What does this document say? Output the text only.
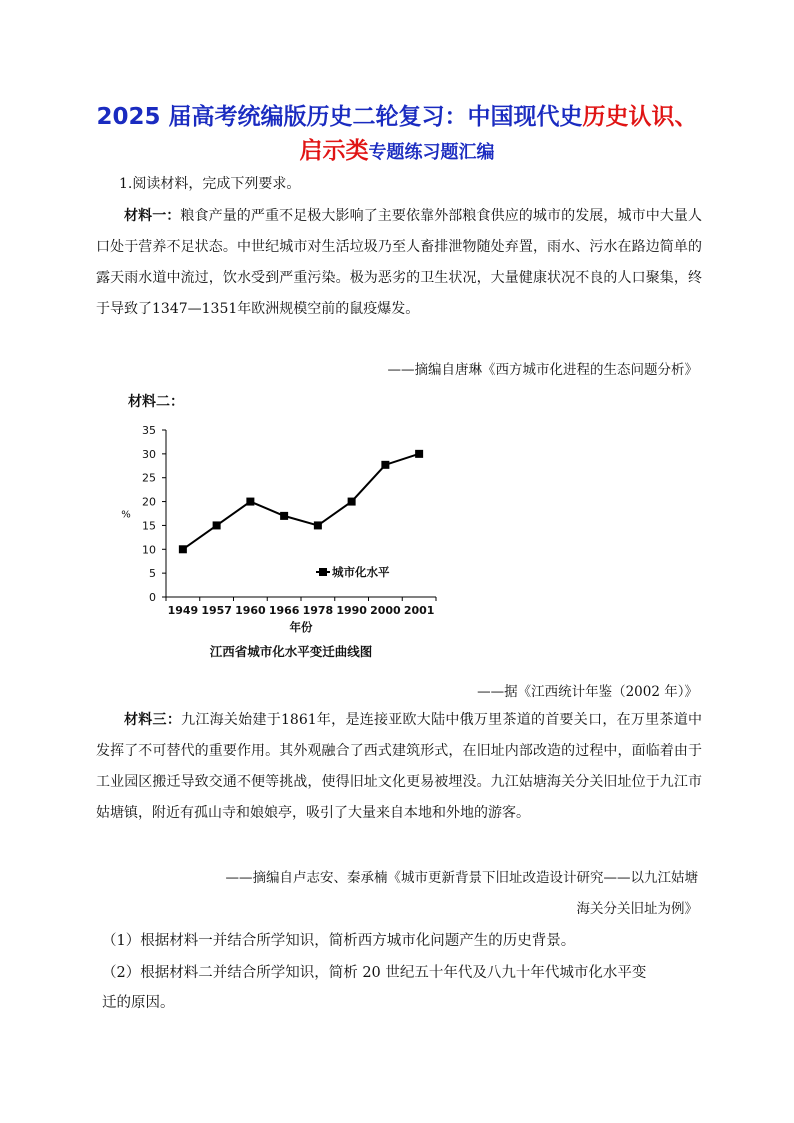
2025 届高考统编版历史二轮复习：中国现代史历史认识、启示类专题练习题汇编
1.阅读材料，完成下列要求。
材料一：粮食产量的严重不足极大影响了主要依靠外部粮食供应的城市的发展，城市中大量人口处于营养不足状态。中世纪城市对生活垃圾乃至人畜排泄物随处弃置，雨水、污水在路边简单的露天雨水道中流过，饮水受到严重污染。极为恶劣的卫生状况，大量健康状况不良的人口聚集，终于导致了1347—1351年欧洲规模空前的鼠疫爆发。
——摘编自唐琳《西方城市化进程的生态问题分析》
材料二：
0
5
10
15
20
25
30
35
1949 1957 1960 1966 1978 1990 2000 2001
年份
%
城市化水平
江西省城市化水平变迁曲线图
——据《江西统计年鉴（2002 年）》
材料三：九江海关始建于1861年，是连接亚欧大陆中俄万里茶道的首要关口，在万里茶道中发挥了不可替代的重要作用。其外观融合了西式建筑形式，在旧址内部改造的过程中，面临着由于工业园区搬迁导致交通不便等挑战，使得旧址文化更易被埋没。九江姑塘海关分关旧址位于九江市姑塘镇，附近有孤山寺和娘娘亭，吸引了大量来自本地和外地的游客。
——摘编自卢志安、秦承楠《城市更新背景下旧址改造设计研究——以九江姑塘
海关分关旧址为例》
（1）根据材料一并结合所学知识，简析西方城市化问题产生的历史背景。
（2）根据材料二并结合所学知识，简析 20 世纪五十年代及八九十年代城市化水平变
迁的原因。
